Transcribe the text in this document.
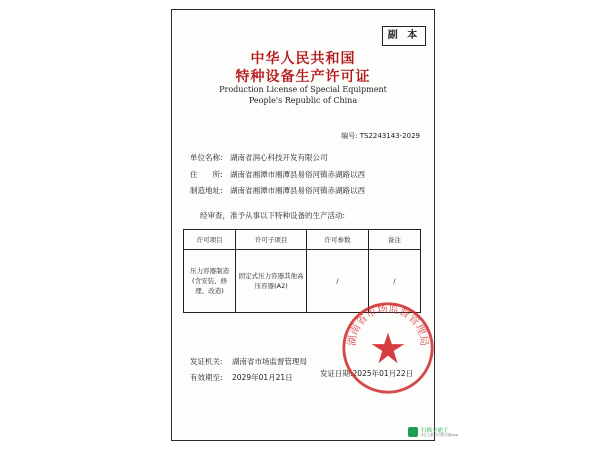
副 本
中华人民共和国
特种设备生产许可证
Production License of Special Equipment
People's Republic of China
编号: TS2243143-2029
单位名称: 湖南省润心科技开发有限公司
住　　所: 湖南省湘潭市湘潭县易俗河镇赤湖路以西
制造地址: 湖南省湘潭市湘潭县易俗河镇赤湖路以西
经审查，准予从事以下特种设备的生产活动:
许可项目	许可子项目	许可参数	备注
压力容器制造(含安装、修理、改造)	固定式压力容器其他高压容器(A2)	/	/
发证机关: 湖南省市场监督管理局
有效期至: 2029年01月21日	发证日期:2025年01月22日
湖南省市场监督管理局
扫描全能王
3亿人都在用的扫描App
